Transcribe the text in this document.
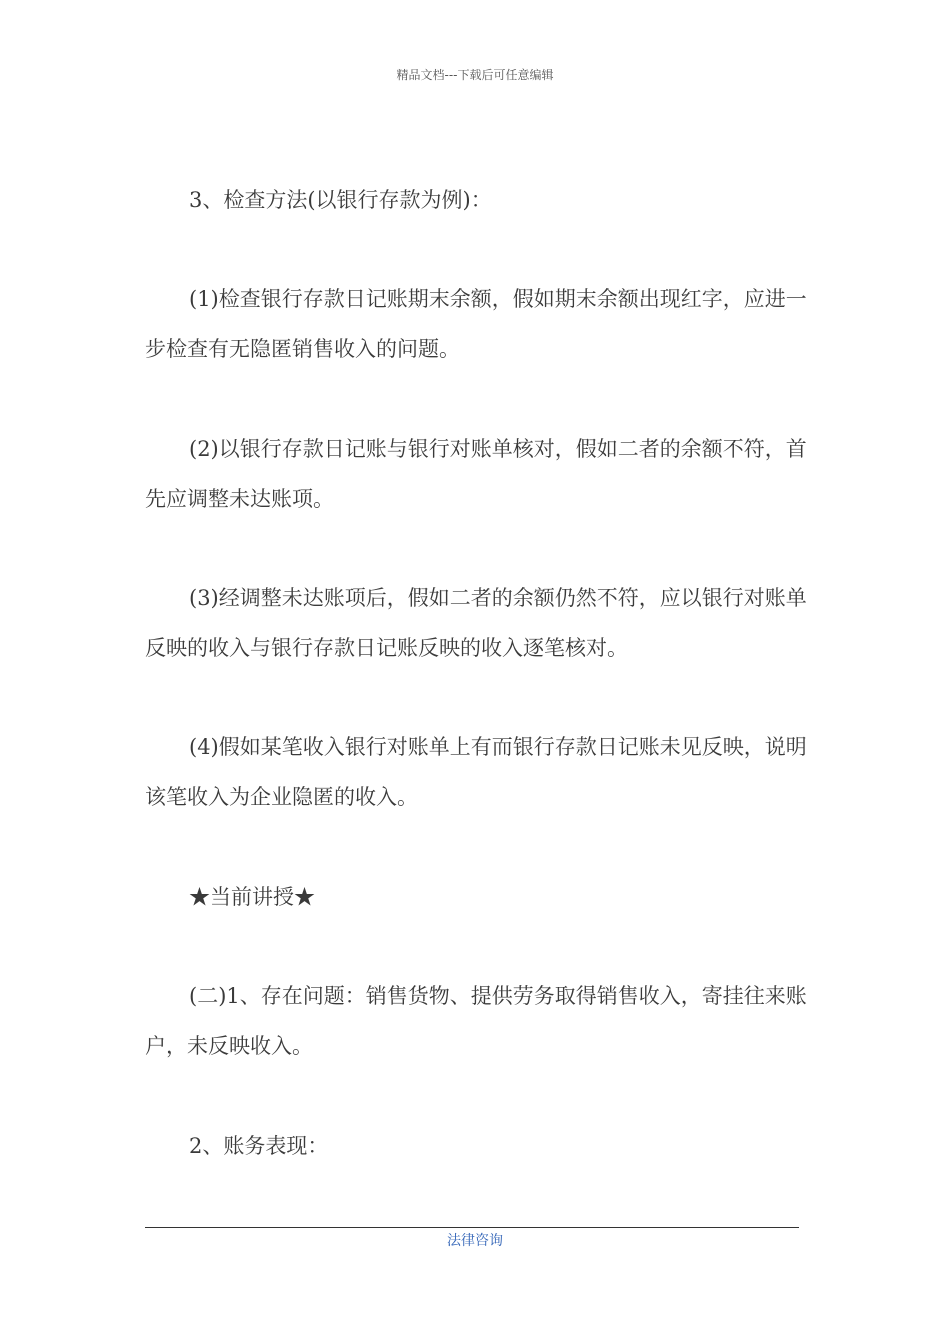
精品文档---下载后可任意编辑
3、检查方法(以银行存款为例)：
(1)检查银行存款日记账期末余额，假如期末余额出现红字，应进一步检查有无隐匿销售收入的问题。
(2)以银行存款日记账与银行对账单核对，假如二者的余额不符，首先应调整未达账项。
(3)经调整未达账项后，假如二者的余额仍然不符，应以银行对账单反映的收入与银行存款日记账反映的收入逐笔核对。
(4)假如某笔收入银行对账单上有而银行存款日记账未见反映，说明该笔收入为企业隐匿的收入。
★当前讲授★
(二)1、存在问题：销售货物、提供劳务取得销售收入，寄挂往来账户，未反映收入。
2、账务表现：
法律咨询
